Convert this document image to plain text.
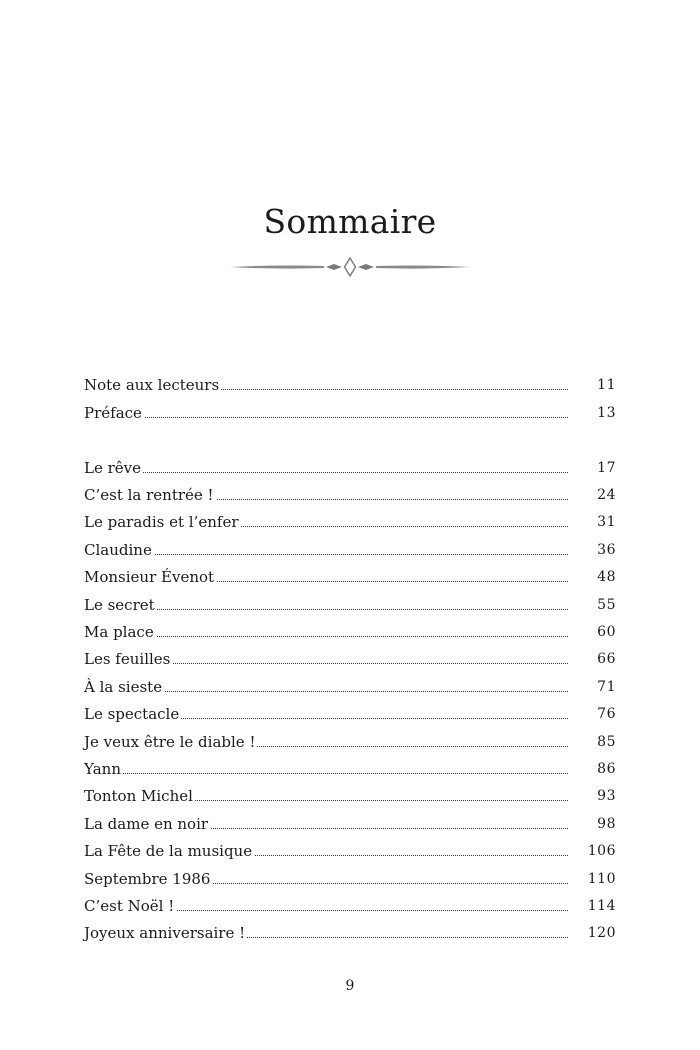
Sommaire
Note aux lecteurs	11
Préface	13
Le rêve	17
C’est la rentrée !	24
Le paradis et l’enfer	31
Claudine	36
Monsieur Évenot	48
Le secret	55
Ma place	60
Les feuilles	66
À la sieste	71
Le spectacle	76
Je veux être le diable !	85
Yann	86
Tonton Michel	93
La dame en noir	98
La Fête de la musique	106
Septembre 1986	110
C’est Noël !	114
Joyeux anniversaire !	120
9
